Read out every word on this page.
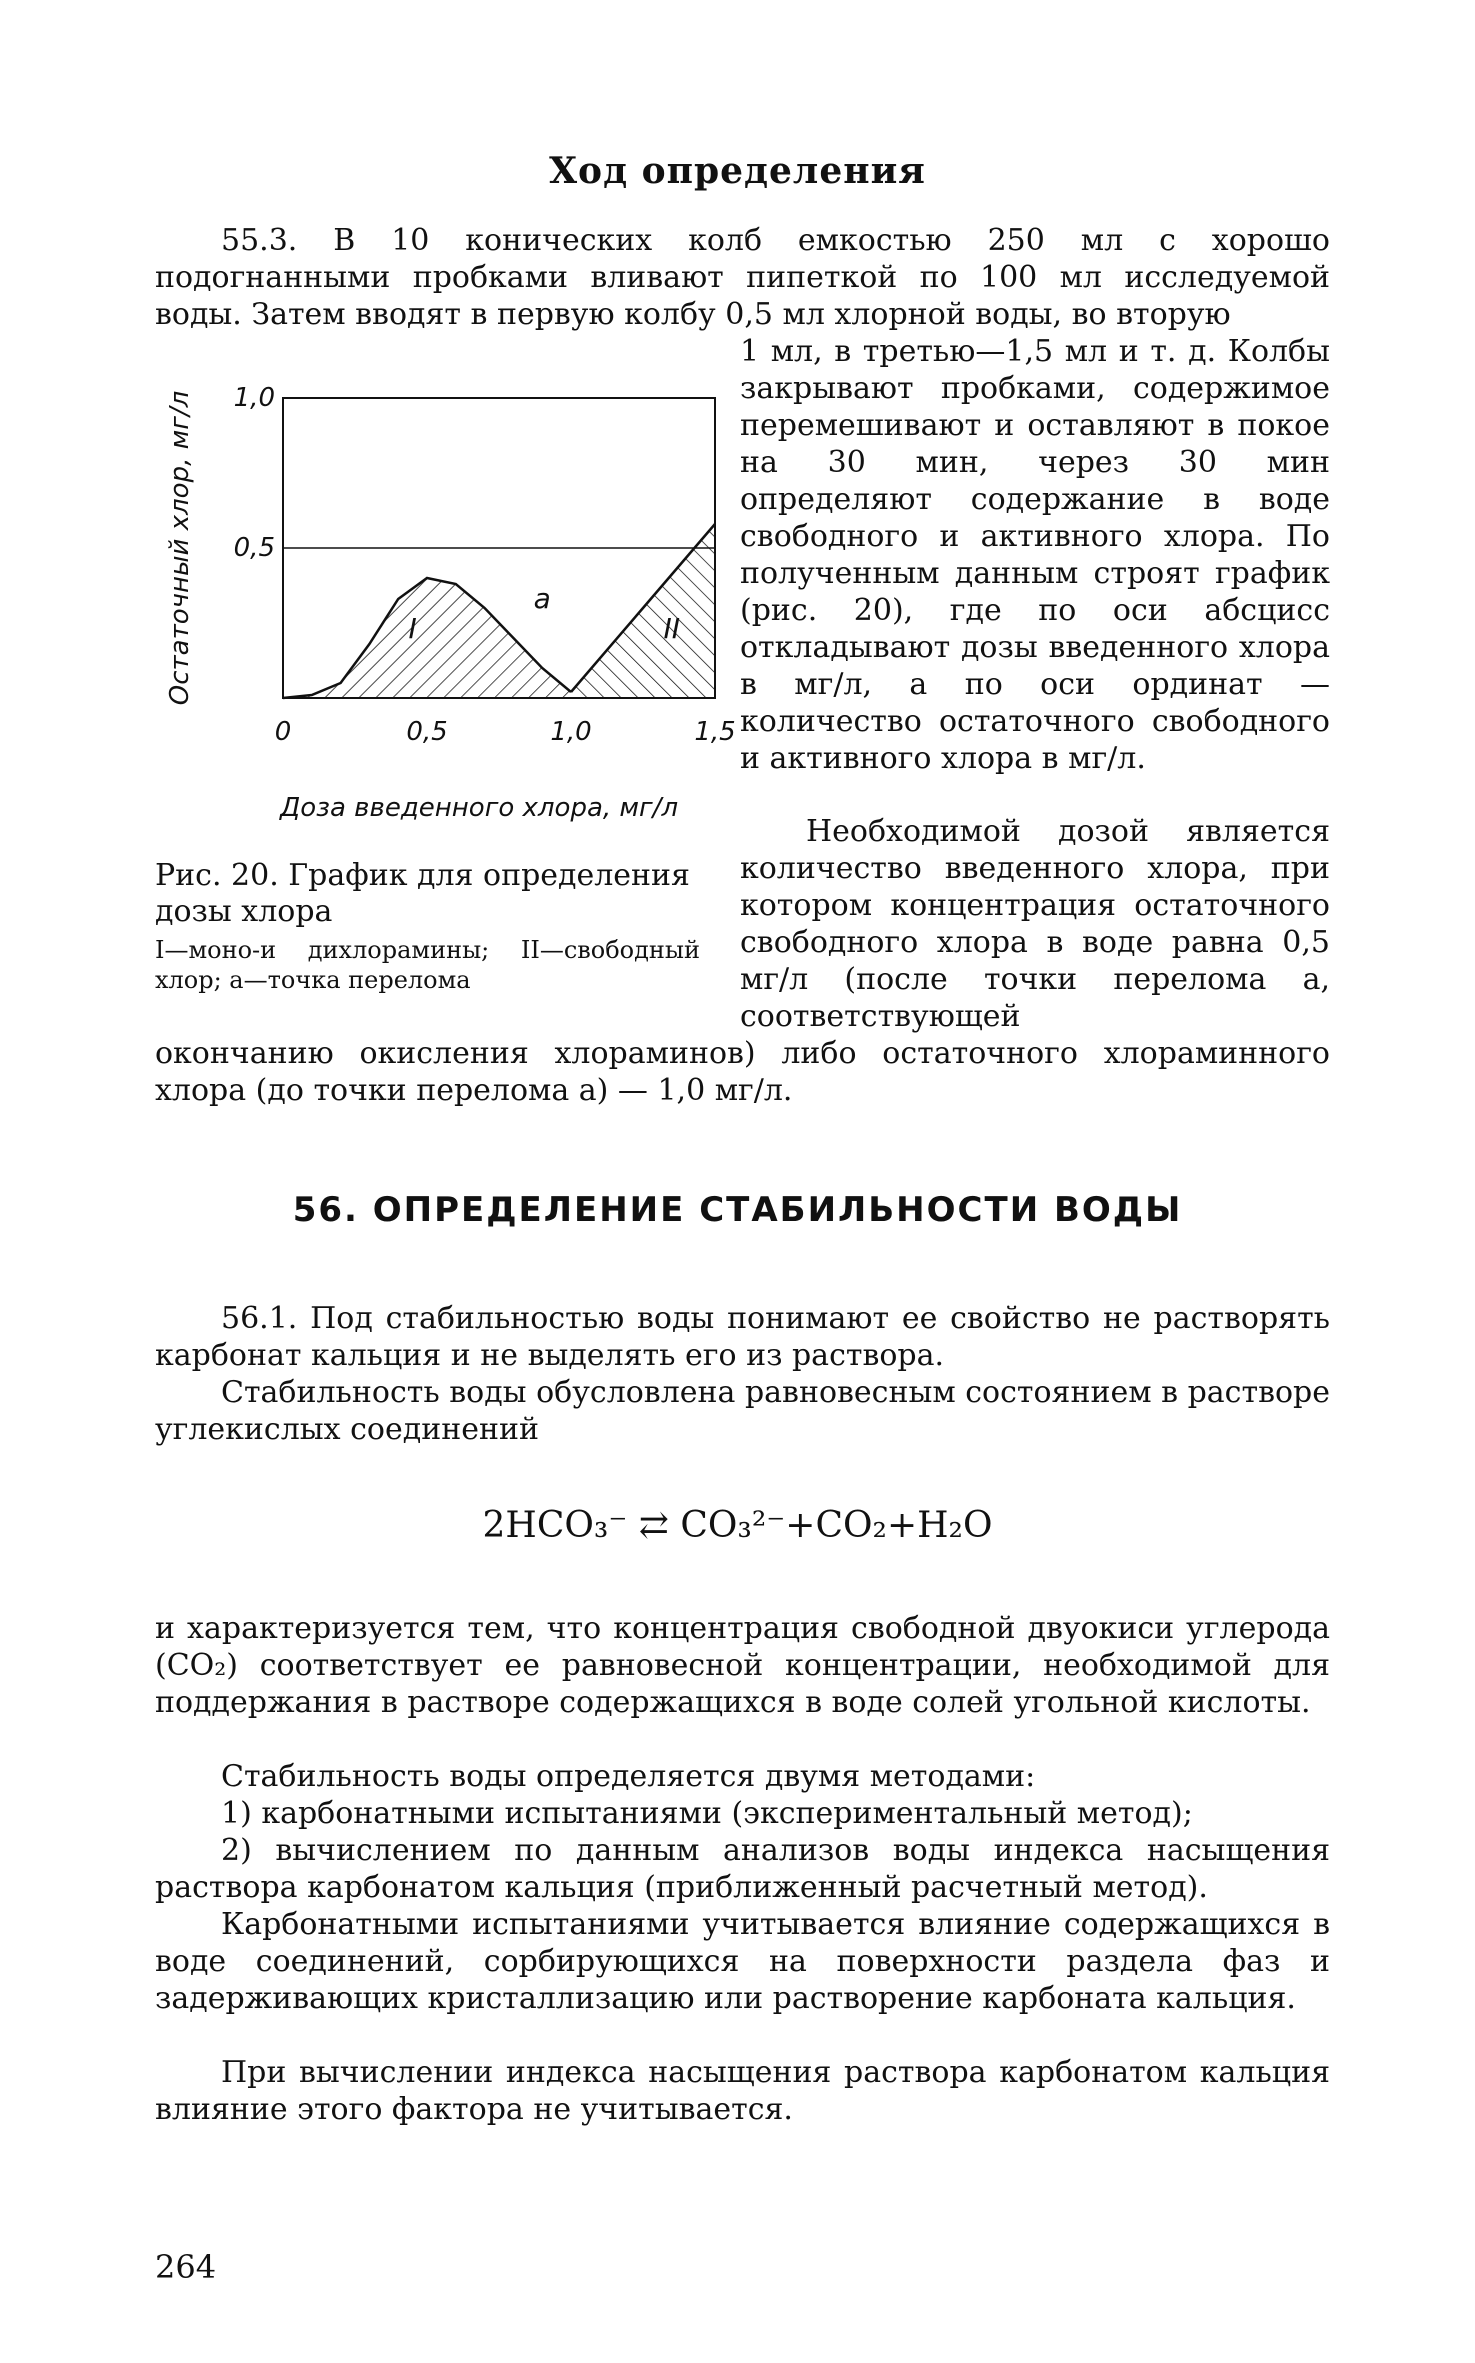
Ход определения

55.3. В 10 конических колб емкостью 250 мл с хорошо подогнанными пробками вливают пипеткой по 100 мл исследуемой воды. Затем вводят в первую колбу 0,5 мл хлорной воды, во вторую

1 мл, в третью—1,5 мл и т. д. Колбы закрывают пробками, содержимое перемешивают и оставляют в покое на 30 мин, через 30 мин определяют содержание в воде свободного и активного хлора. По полученным данным строят график (рис. 20), где по оси абсцисс откладывают дозы введенного хлора в мг/л, а по оси ординат — количество остаточного свободного и активного хлора в мг/л.

0	0,5	1,0	1,5
0,5
1,0
Остаточный хлор, мг/л
Доза введенного хлора, мг/л
I
a
II
Рис. 20. График для определения дозы хлора
I—моно-и дихлорамины; II—свободный хлор; а—точка перелома

Необходимой дозой является количество введенного хлора, при котором концентрация остаточного свободного хлора в воде равна 0,5 мг/л (после точки перелома а, соответствующей

окончанию окисления хлораминов) либо остаточного хлораминного хлора (до точки перелома а) — 1,0 мг/л.

56. ОПРЕДЕЛЕНИЕ СТАБИЛЬНОСТИ ВОДЫ

56.1. Под стабильностью воды понимают ее свойство не растворять карбонат кальция и не выделять его из раствора.

Стабильность воды обусловлена равновесным состоянием в растворе углекислых соединений

2HCO₃⁻ ⇄ CO₃²⁻+CO₂+H₂O

и характеризуется тем, что концентрация свободной двуокиси углерода (CO₂) соответствует ее равновесной концентрации, необходимой для поддержания в растворе содержащихся в воде солей угольной кислоты.

Стабильность воды определяется двумя методами:

1) карбонатными испытаниями (экспериментальный метод);

2) вычислением по данным анализов воды индекса насыщения раствора карбонатом кальция (приближенный расчетный метод).

Карбонатными испытаниями учитывается влияние содержащихся в воде соединений, сорбирующихся на поверхности раздела фаз и задерживающих кристаллизацию или растворение карбоната кальция.

При вычислении индекса насыщения раствора карбонатом кальция влияние этого фактора не учитывается.

264
